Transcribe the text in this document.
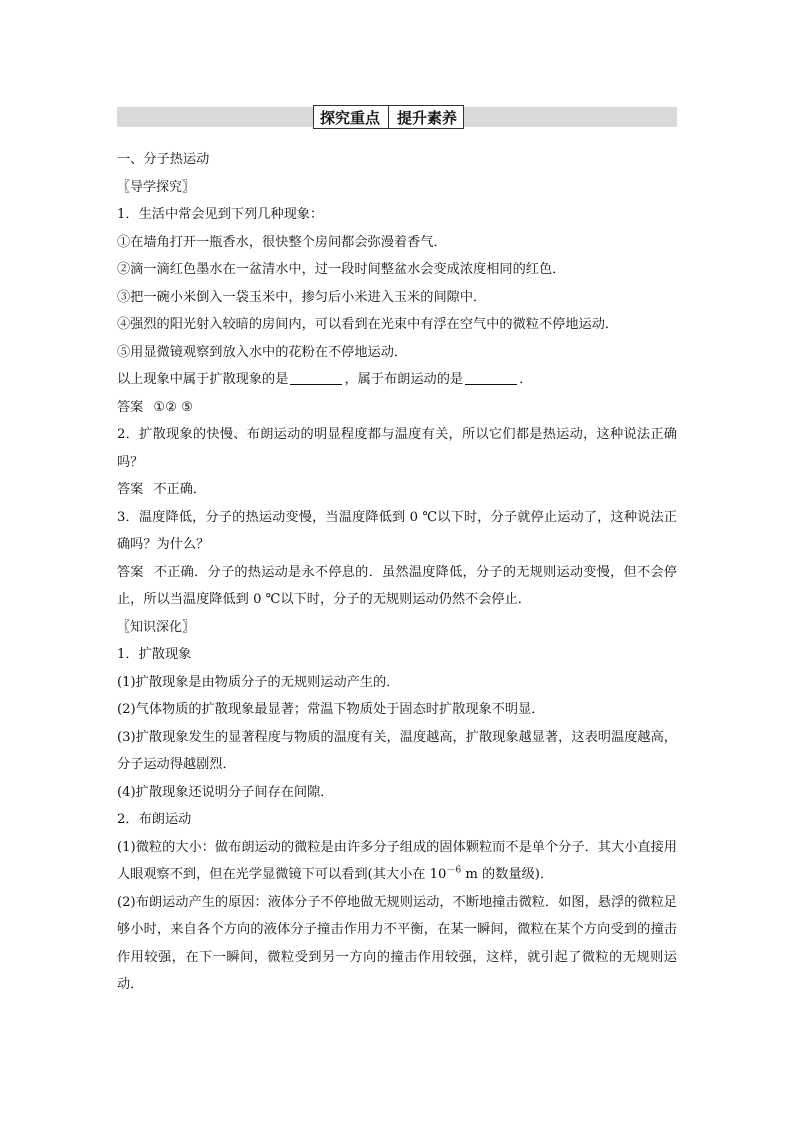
探究重点 提升素养
一、分子热运动
〖导学探究〗
1．生活中常会见到下列几种现象：
①在墙角打开一瓶香水，很快整个房间都会弥漫着香气．
②滴一滴红色墨水在一盆清水中，过一段时间整盆水会变成浓度相同的红色．
③把一碗小米倒入一袋玉米中，掺匀后小米进入玉米的间隙中．
④强烈的阳光射入较暗的房间内，可以看到在光束中有浮在空气中的微粒不停地运动．
⑤用显微镜观察到放入水中的花粉在不停地运动．
以上现象中属于扩散现象的是	，属于布朗运动的是	．
答案 ①② ⑤
2．扩散现象的快慢、布朗运动的明显程度都与温度有关，所以它们都是热运动，这种说法正确吗？
答案 不正确．
3．温度降低，分子的热运动变慢，当温度降低到 0 ℃以下时，分子就停止运动了，这种说法正确吗？为什么？
答案 不正确．分子的热运动是永不停息的．虽然温度降低，分子的无规则运动变慢，但不会停止，所以当温度降低到 0 ℃以下时，分子的无规则运动仍然不会停止．
〖知识深化〗
1．扩散现象
(1)扩散现象是由物质分子的无规则运动产生的．
(2)气体物质的扩散现象最显著；常温下物质处于固态时扩散现象不明显．
(3)扩散现象发生的显著程度与物质的温度有关，温度越高，扩散现象越显著，这表明温度越高，分子运动得越剧烈．
(4)扩散现象还说明分子间存在间隙．
2．布朗运动
(1)微粒的大小：做布朗运动的微粒是由许多分子组成的固体颗粒而不是单个分子．其大小直接用人眼观察不到，但在光学显微镜下可以看到(其大小在 $10^{-6}$ m 的数量级)．
(2)布朗运动产生的原因：液体分子不停地做无规则运动，不断地撞击微粒．如图，悬浮的微粒足够小时，来自各个方向的液体分子撞击作用力不平衡，在某一瞬间，微粒在某个方向受到的撞击作用较强，在下一瞬间，微粒受到另一方向的撞击作用较强，这样，就引起了微粒的无规则运动．
